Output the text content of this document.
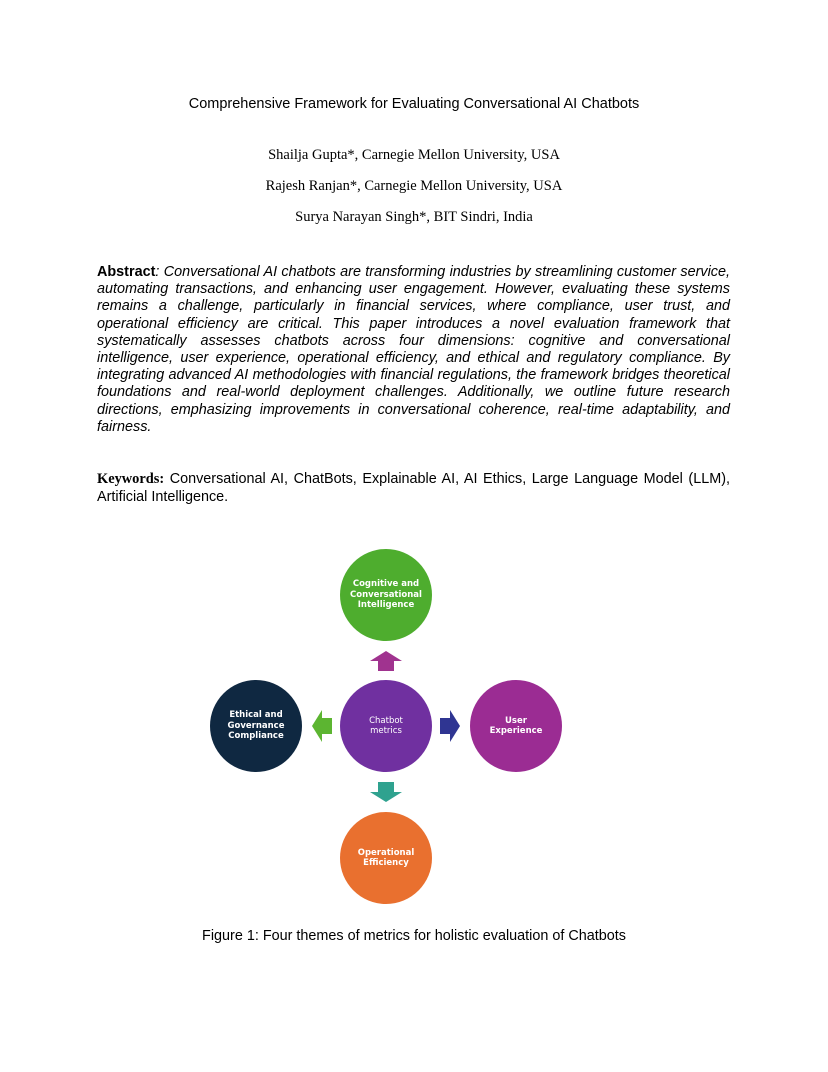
Comprehensive Framework for Evaluating Conversational AI Chatbots
Shailja Gupta*, Carnegie Mellon University, USA
Rajesh Ranjan*, Carnegie Mellon University, USA
Surya Narayan Singh*, BIT Sindri, India
Abstract: Conversational AI chatbots are transforming industries by streamlining customer service, automating transactions, and enhancing user engagement. However, evaluating these systems remains a challenge, particularly in financial services, where compliance, user trust, and operational efficiency are critical. This paper introduces a novel evaluation framework that systematically assesses chatbots across four dimensions: cognitive and conversational intelligence, user experience, operational efficiency, and ethical and regulatory compliance. By integrating advanced AI methodologies with financial regulations, the framework bridges theoretical foundations and real-world deployment challenges. Additionally, we outline future research directions, emphasizing improvements in conversational coherence, real-time adaptability, and fairness.
Keywords: Conversational AI, ChatBots, Explainable AI, AI Ethics, Large Language Model (LLM), Artificial Intelligence.
Cognitive and
Conversational
Intelligence
Chatbot
metrics
User
Experience
Operational
Efficiency
Ethical and
Governance
Compliance
Figure 1: Four themes of metrics for holistic evaluation of Chatbots
